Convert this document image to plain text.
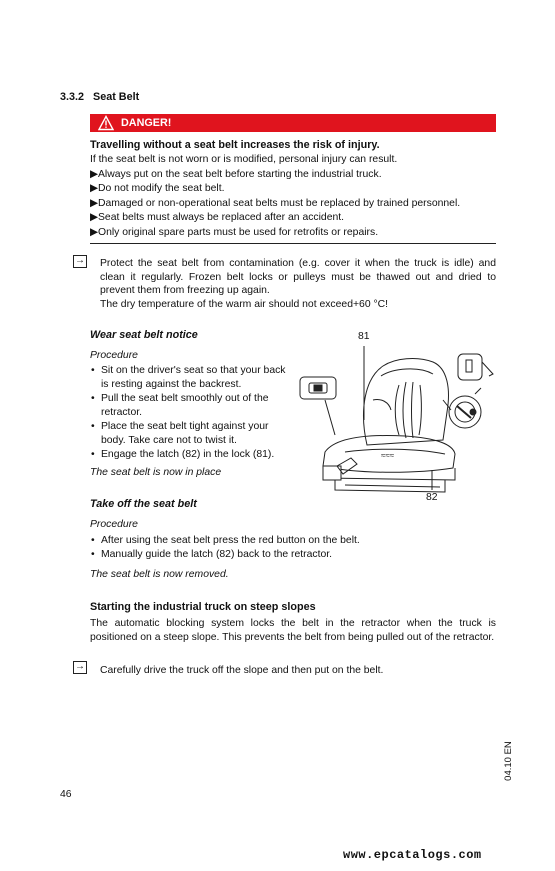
3.3.2 Seat Belt
DANGER!
Travelling without a seat belt increases the risk of injury.
If the seat belt is not worn or is modified, personal injury can result.
▶Always put on the seat belt before starting the industrial truck.
▶Do not modify the seat belt.
▶Damaged or non-operational seat belts must be replaced by trained personnel.
▶Seat belts must always be replaced after an accident.
▶Only original spare parts must be used for retrofits or repairs.
→ Protect the seat belt from contamination (e.g. cover it when the truck is idle) and
clean it regularly. Frozen belt locks or pulleys must be thawed out and dried to
prevent them from freezing up again.
The dry temperature of the warm air should not exceed+60 °C!
Wear seat belt notice
Procedure
• Sit on the driver's seat so that your back is resting against the backrest.
• Pull the seat belt smoothly out of the retractor.
• Place the seat belt tight against your body. Take care not to twist it.
• Engage the latch (82) in the lock (81).
The seat belt is now in place
81
82
≈≈≈
Take off the seat belt
Procedure
• After using the seat belt press the red button on the belt.
• Manually guide the latch (82) back to the retractor.
The seat belt is now removed.
Starting the industrial truck on steep slopes
The automatic blocking system locks the belt in the retractor when the truck is positioned on a steep slope. This prevents the belt from being pulled out of the retractor.
→ Carefully drive the truck off the slope and then put on the belt.
04.10 EN
46
www.epcatalogs.com
